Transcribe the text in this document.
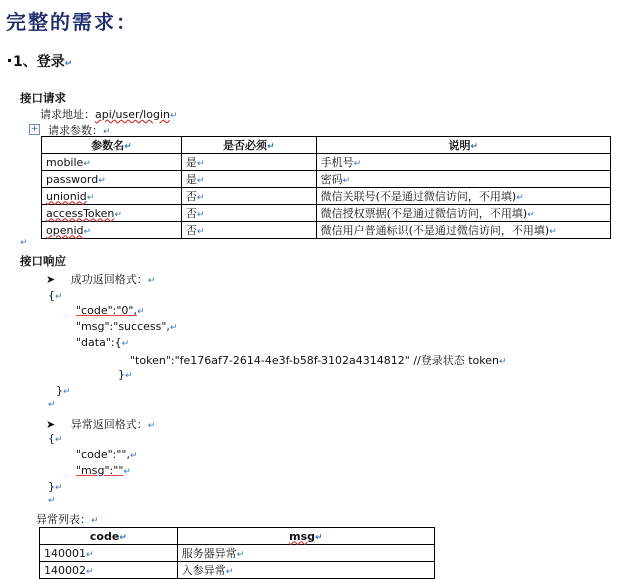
完整的需求：
1、登录↵
接口请求
请求地址：api/user/login↵
+ 请求参数：↵
参数名↵	是否必须↵	说明↵
mobile↵	是↵	手机号↵
password↵	是↵	密码↵
unionid↵	否↵	微信关联号(不是通过微信访问，不用填)↵
accessToken↵	否↵	微信授权票据(不是通过微信访问，不用填)↵
openid↵	否↵	微信用户普通标识(不是通过微信访问，不用填)↵
↵
接口响应
➤ 成功返回格式：↵
{↵
"code":"0",↵
"msg":"success",↵
"data":{↵
"token":"fe176af7-2614-4e3f-b58f-3102a4314812" //登录状态 token↵
}↵
}↵
↵
➤ 异常返回格式：↵
{↵
"code":"",↵
"msg":""↵
}↵
↵
异常列表：↵
code↵	msg↵
140001↵	服务器异常↵
140002↵	入参异常↵
